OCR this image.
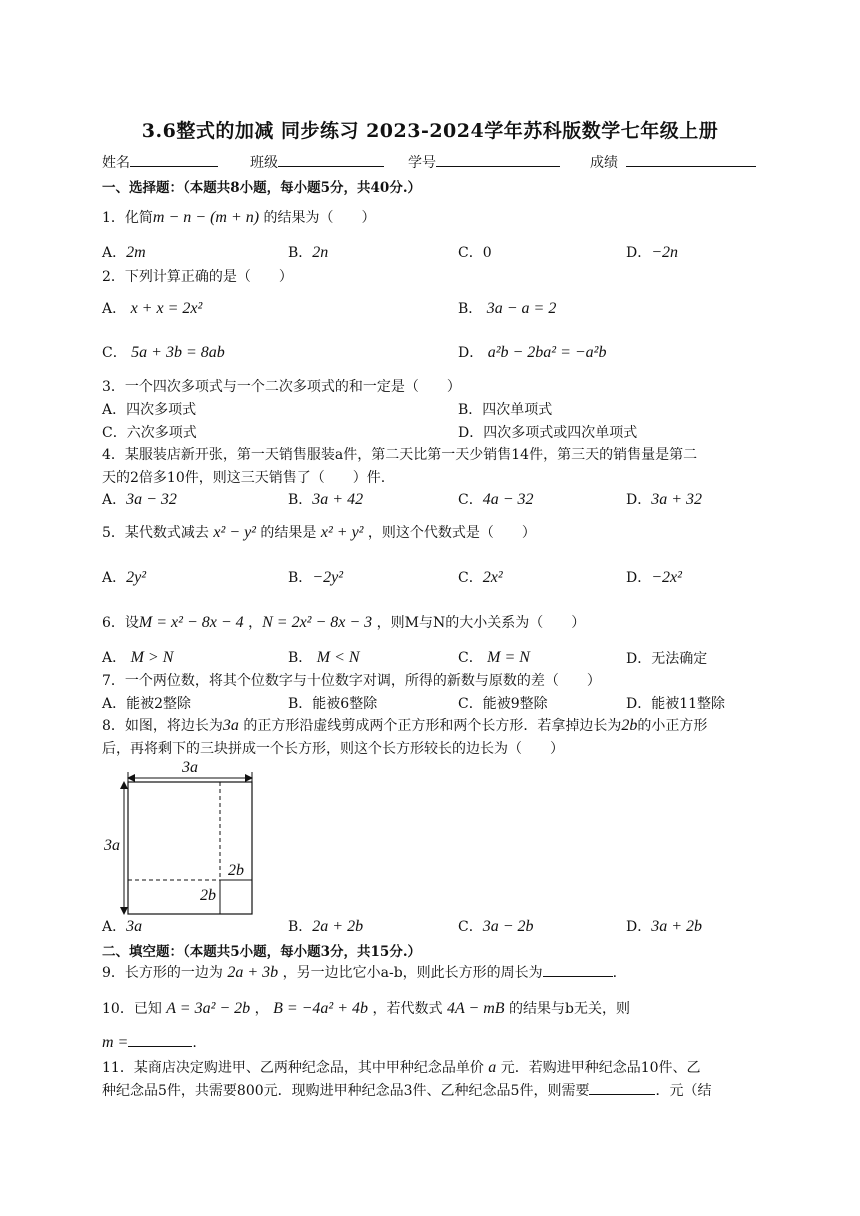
3.6整式的加减 同步练习 2023-2024学年苏科版数学七年级上册
姓名	班级	学号	成绩
一、选择题：（本题共8小题，每小题5分，共40分.）
1．化简m − n − (m + n) 的结果为（　　）
A．2m	B．2n	C．0	D．−2n
2．下列计算正确的是（　　）
A． x + x = 2x²	B． 3a − a = 2
C． 5a + 3b = 8ab	D． a²b − 2ba² = −a²b
3．一个四次多项式与一个二次多项式的和一定是（　　）
A．四次多项式	B．四次单项式
C．六次多项式	D．四次多项式或四次单项式
4．某服装店新开张，第一天销售服装a件，第二天比第一天少销售14件，第三天的销售量是第二
天的2倍多10件，则这三天销售了（　　）件.
A．3a − 32	B．3a + 42	C．4a − 32	D．3a + 32
5．某代数式减去 x² − y² 的结果是 x² + y² ，则这个代数式是（　　）
A．2y²	B．−2y²	C．2x²	D．−2x²
6．设M = x² − 8x − 4 ，N = 2x² − 8x − 3 ，则M与N的大小关系为（　　）
A． M > N	B． M < N	C． M = N	D．无法确定
7．一个两位数，将其个位数字与十位数字对调，所得的新数与原数的差（　　）
A．能被2整除	B．能被6整除	C．能被9整除	D．能被11整除
8．如图，将边长为3a 的正方形沿虚线剪成两个正方形和两个长方形．若拿掉边长为2b的小正方形
后，再将剩下的三块拼成一个长方形，则这个长方形较长的边长为（　　）
3a
3a
2b
2b
A．3a	B．2a + 2b	C．3a − 2b	D．3a + 2b
二、填空题：（本题共5小题，每小题3分，共15分.）
9．长方形的一边为 2a + 3b ，另一边比它小a-b，则此长方形的周长为	.
10．已知 A = 3a² − 2b ， B = −4a² + 4b ，若代数式 4A − mB 的结果与b无关，则
m =	.
11．某商店决定购进甲、乙两种纪念品，其中甲种纪念品单价 a 元．若购进甲种纪念品10件、乙
种纪念品5件，共需要800元．现购进甲种纪念品3件、乙种纪念品5件，则需要	．元（结
